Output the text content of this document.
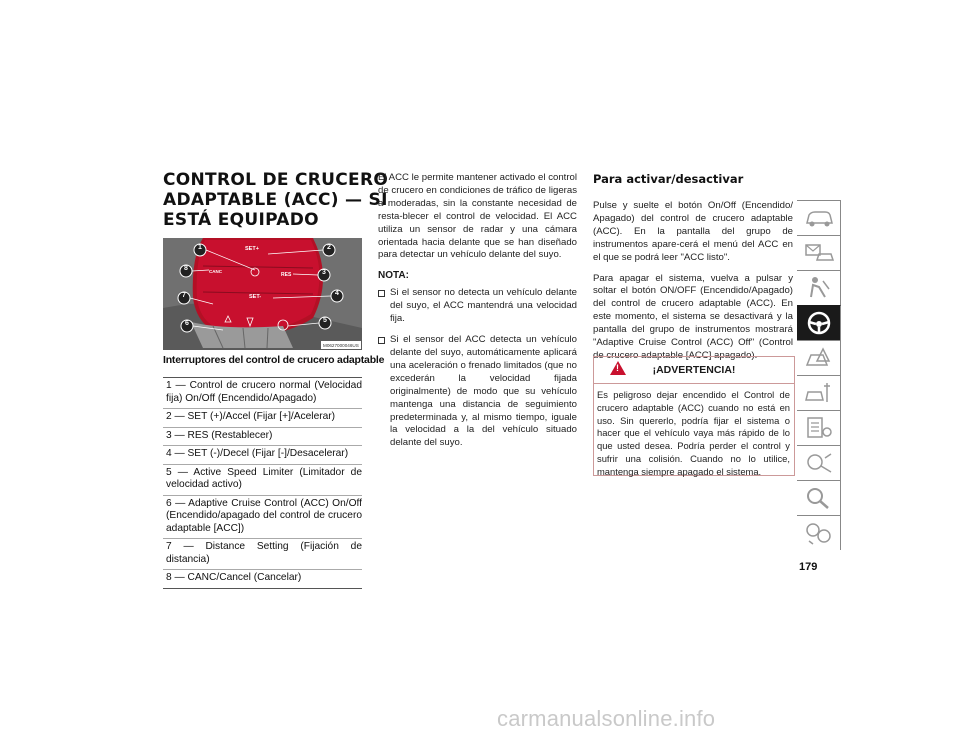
CONTROL DE CRUCERO
ADAPTABLE (ACC) — SI
ESTÁ EQUIPADO
SET+
CANC
RES
SET-
M0627000046US
1	2
3
4
5
6
7
8
Interruptores del control de crucero adaptable
1 — Control de crucero normal (Velocidad fija) On/Off (Encendido/Apagado)
2 — SET (+)/Accel (Fijar [+]/Acelerar)
3 — RES (Restablecer)
4 — SET (-)/Decel (Fijar [-]/Desacelerar)
5 — Active Speed Limiter (Limitador de velocidad activo)
6 — Adaptive Cruise Control (ACC) On/Off (Encendido/apagado del control de crucero adaptable [ACC])
7 — Distance Setting (Fijación de distancia)
8 — CANC/Cancel (Cancelar)

El ACC le permite mantener activado el control de crucero en condiciones de tráfico de ligeras a moderadas, sin la constante necesidad de resta-blecer el control de velocidad. El ACC utiliza un sensor de radar y una cámara orientada hacia delante que se han diseñado para detectar un vehículo delante del suyo.

NOTA:
Si el sensor no detecta un vehículo delante del suyo, el ACC mantendrá una velocidad fija.
Si el sensor del ACC detecta un vehículo delante del suyo, automáticamente aplicará una aceleración o frenado limitados (que no excederán la velocidad fijada originalmente) de modo que su vehículo mantenga una distancia de seguimiento predeterminada y, al mismo tiempo, iguale la velocidad a la del vehículo situado delante del suyo.
Para activar/desactivar

Pulse y suelte el botón On/Off (Encendido/ Apagado) del control de crucero adaptable (ACC). En la pantalla del grupo de instrumentos apare-cerá el menú del ACC en el que se podrá leer "ACC listo".

Para apagar el sistema, vuelva a pulsar y soltar el botón ON/OFF (Encendido/Apagado) del control de crucero adaptable (ACC). En este momento, el sistema se desactivará y la pantalla del grupo de instrumentos mostrará "Adaptive Cruise Control (ACC) Off" (Control de crucero adaptable [ACC] apagado).

!	¡ADVERTENCIA!
Es peligroso dejar encendido el Control de crucero adaptable (ACC) cuando no está en uso. Sin quererlo, podría fijar el sistema o hacer que el vehículo vaya más rápido de lo que usted desea. Podría perder el control y sufrir una colisión. Cuando no lo utilice, mantenga siempre apagado el sistema.
179
carmanualsonline.info
